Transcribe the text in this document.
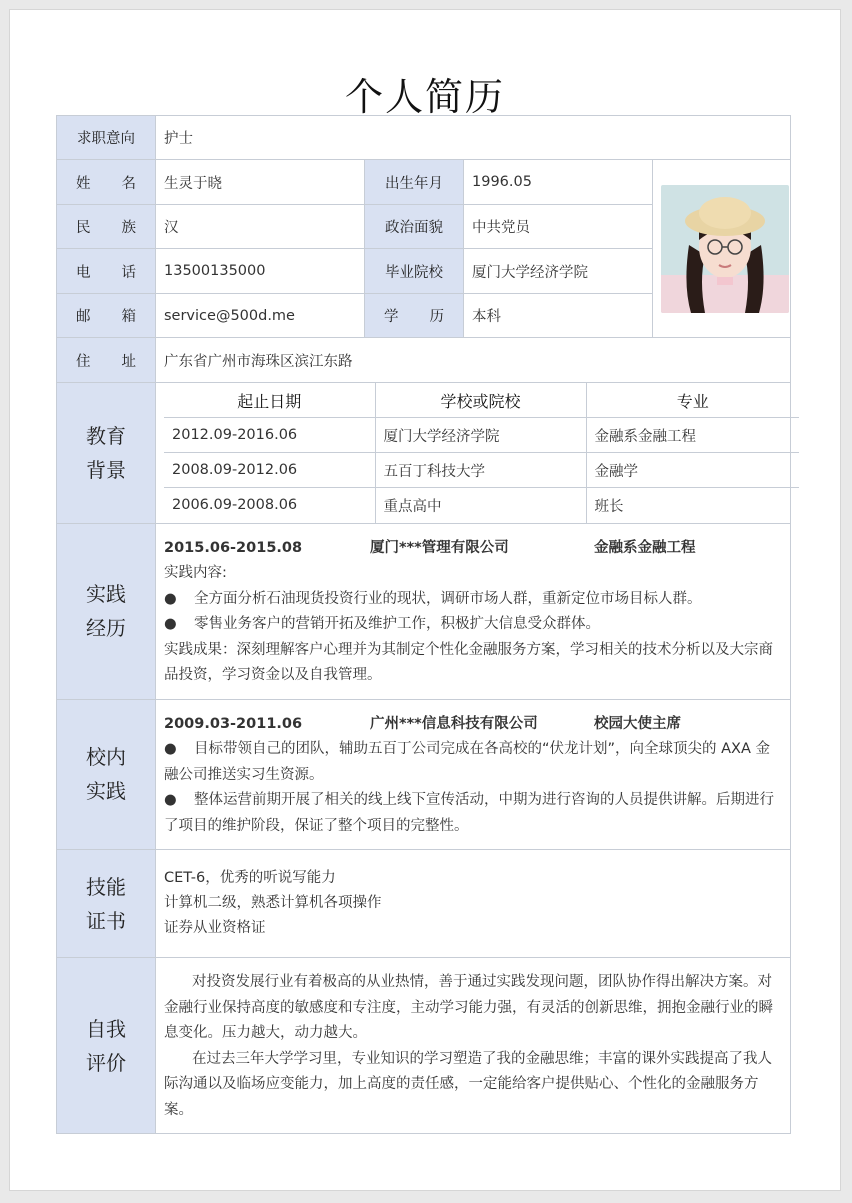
个人简历
求职意向	护士
姓名	生灵于晓	出生年月	1996.05	

民族	汉	政治面貌	中共党员
电话	13500135000	毕业院校	厦门大学经济学院
邮箱	service@500d.me	学历	本科
住址	广东省广州市海珠区滨江东路

教育
背景

起止日期	学校或院校	专业
2012.09-2016.06	厦门大学经济学院	金融系金融工程
2008.09-2012.06	五百丁科技大学	金融学
2006.09-2008.06	重点高中	班长

实践
经历

2015.06-2015.08	厦门***管理有限公司	金融系金融工程
实践内容:
● 全方面分析石油现货投资行业的现状，调研市场人群，重新定位市场目标人群。
● 零售业务客户的营销开拓及维护工作，积极扩大信息受众群体。
实践成果：深刻理解客户心理并为其制定个性化金融服务方案，学习相关的技术分析以及大宗商品投资，学习资金以及自我管理。

校内
实践

2009.03-2011.06	广州***信息科技有限公司	校园大使主席
● 目标带领自己的团队，辅助五百丁公司完成在各高校的“伏龙计划”，向全球顶尖的 AXA 金融公司推送实习生资源。
● 整体运营前期开展了相关的线上线下宣传活动，中期为进行咨询的人员提供讲解。后期进行了项目的维护阶段，保证了整个项目的完整性。

技能
证书

CET-6，优秀的听说写能力
计算机二级，熟悉计算机各项操作
证券从业资格证

自我
评价

对投资发展行业有着极高的从业热情，善于通过实践发现问题，团队协作得出解决方案。对金融行业保持高度的敏感度和专注度，主动学习能力强，有灵活的创新思维，拥抱金融行业的瞬息变化。压力越大，动力越大。
在过去三年大学学习里，专业知识的学习塑造了我的金融思维；丰富的课外实践提高了我人际沟通以及临场应变能力，加上高度的责任感，一定能给客户提供贴心、个性化的金融服务方案。
